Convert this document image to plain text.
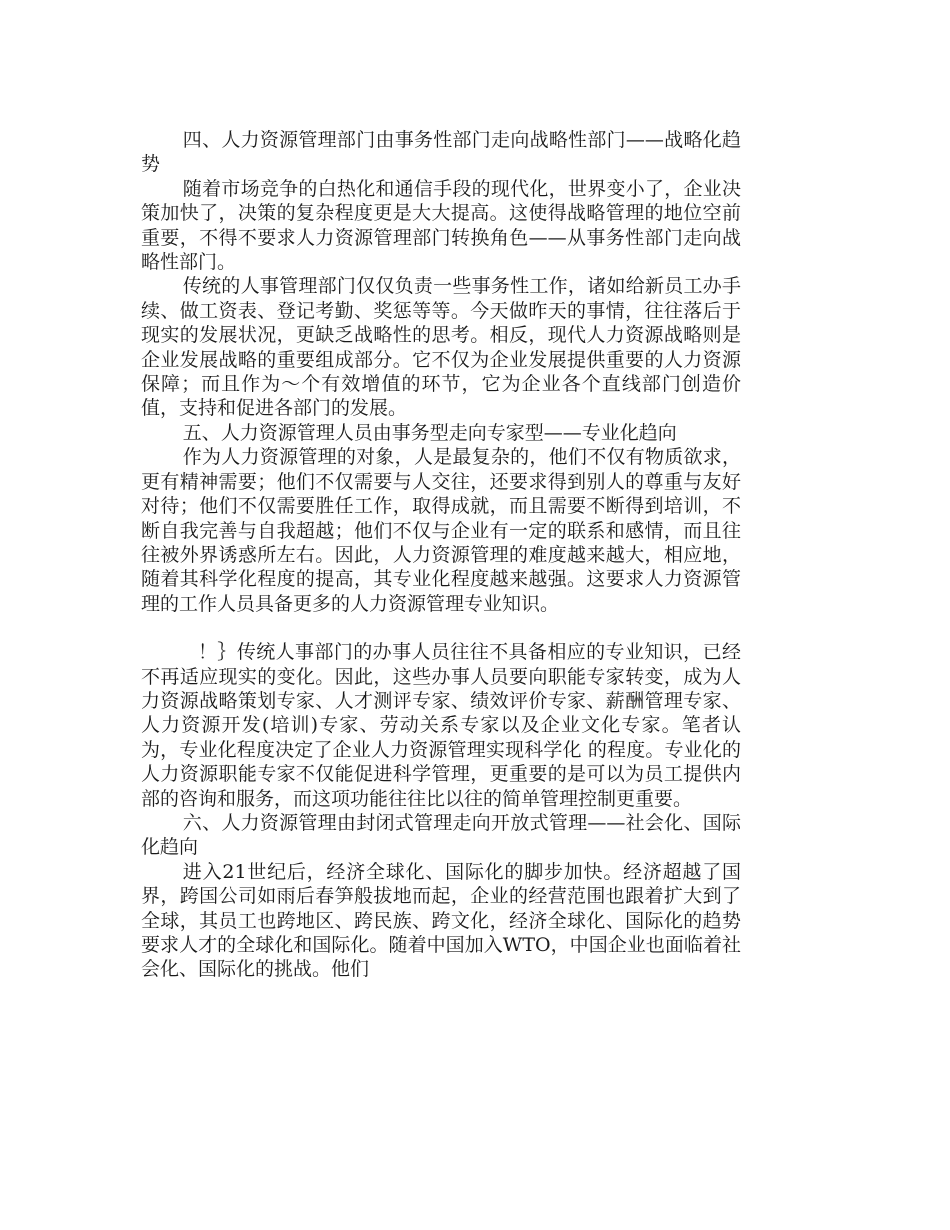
四、人力资源管理部门由事务性部门走向战略性部门——战略化趋势

随着市场竞争的白热化和通信手段的现代化，世界变小了，企业决策加快了，决策的复杂程度更是大大提高。这使得战略管理的地位空前重要，不得不要求人力资源管理部门转换角色——从事务性部门走向战略性部门。

传统的人事管理部门仅仅负责一些事务性工作，诸如给新员工办手续、做工资表、登记考勤、奖惩等等。今天做昨天的事情，往往落后于现实的发展状况，更缺乏战略性的思考。相反，现代人力资源战略则是企业发展战略的重要组成部分。它不仅为企业发展提供重要的人力资源保障；而且作为～个有效增值的环节，它为企业各个直线部门创造价值，支持和促进各部门的发展。

五、人力资源管理人员由事务型走向专家型——专业化趋向

作为人力资源管理的对象，人是最复杂的，他们不仅有物质欲求，更有精神需要；他们不仅需要与人交往，还要求得到别人的尊重与友好对待；他们不仅需要胜任工作，取得成就，而且需要不断得到培训，不断自我完善与自我超越；他们不仅与企业有一定的联系和感情，而且往往被外界诱惑所左右。因此，人力资源管理的难度越来越大，相应地，随着其科学化程度的提高，其专业化程度越来越强。这要求人力资源管理的工作人员具备更多的人力资源管理专业知识。

！｝传统人事部门的办事人员往往不具备相应的专业知识，已经不再适应现实的变化。因此，这些办事人员要向职能专家转变，成为人力资源战略策划专家、人才测评专家、绩效评价专家、薪酬管理专家、人力资源开发(培训)专家、劳动关系专家以及企业文化专家。笔者认为，专业化程度决定了企业人力资源管理实现科学化 的程度。专业化的人力资源职能专家不仅能促进科学管理，更重要的是可以为员工提供内部的咨询和服务，而这项功能往往比以往的简单管理控制更重要。

六、人力资源管理由封闭式管理走向开放式管理——社会化、国际化趋向

进入21世纪后，经济全球化、国际化的脚步加快。经济超越了国界，跨国公司如雨后春笋般拔地而起，企业的经营范围也跟着扩大到了全球，其员工也跨地区、跨民族、跨文化，经济全球化、国际化的趋势要求人才的全球化和国际化。随着中国加入WTO，中国企业也面临着社会化、国际化的挑战。他们
